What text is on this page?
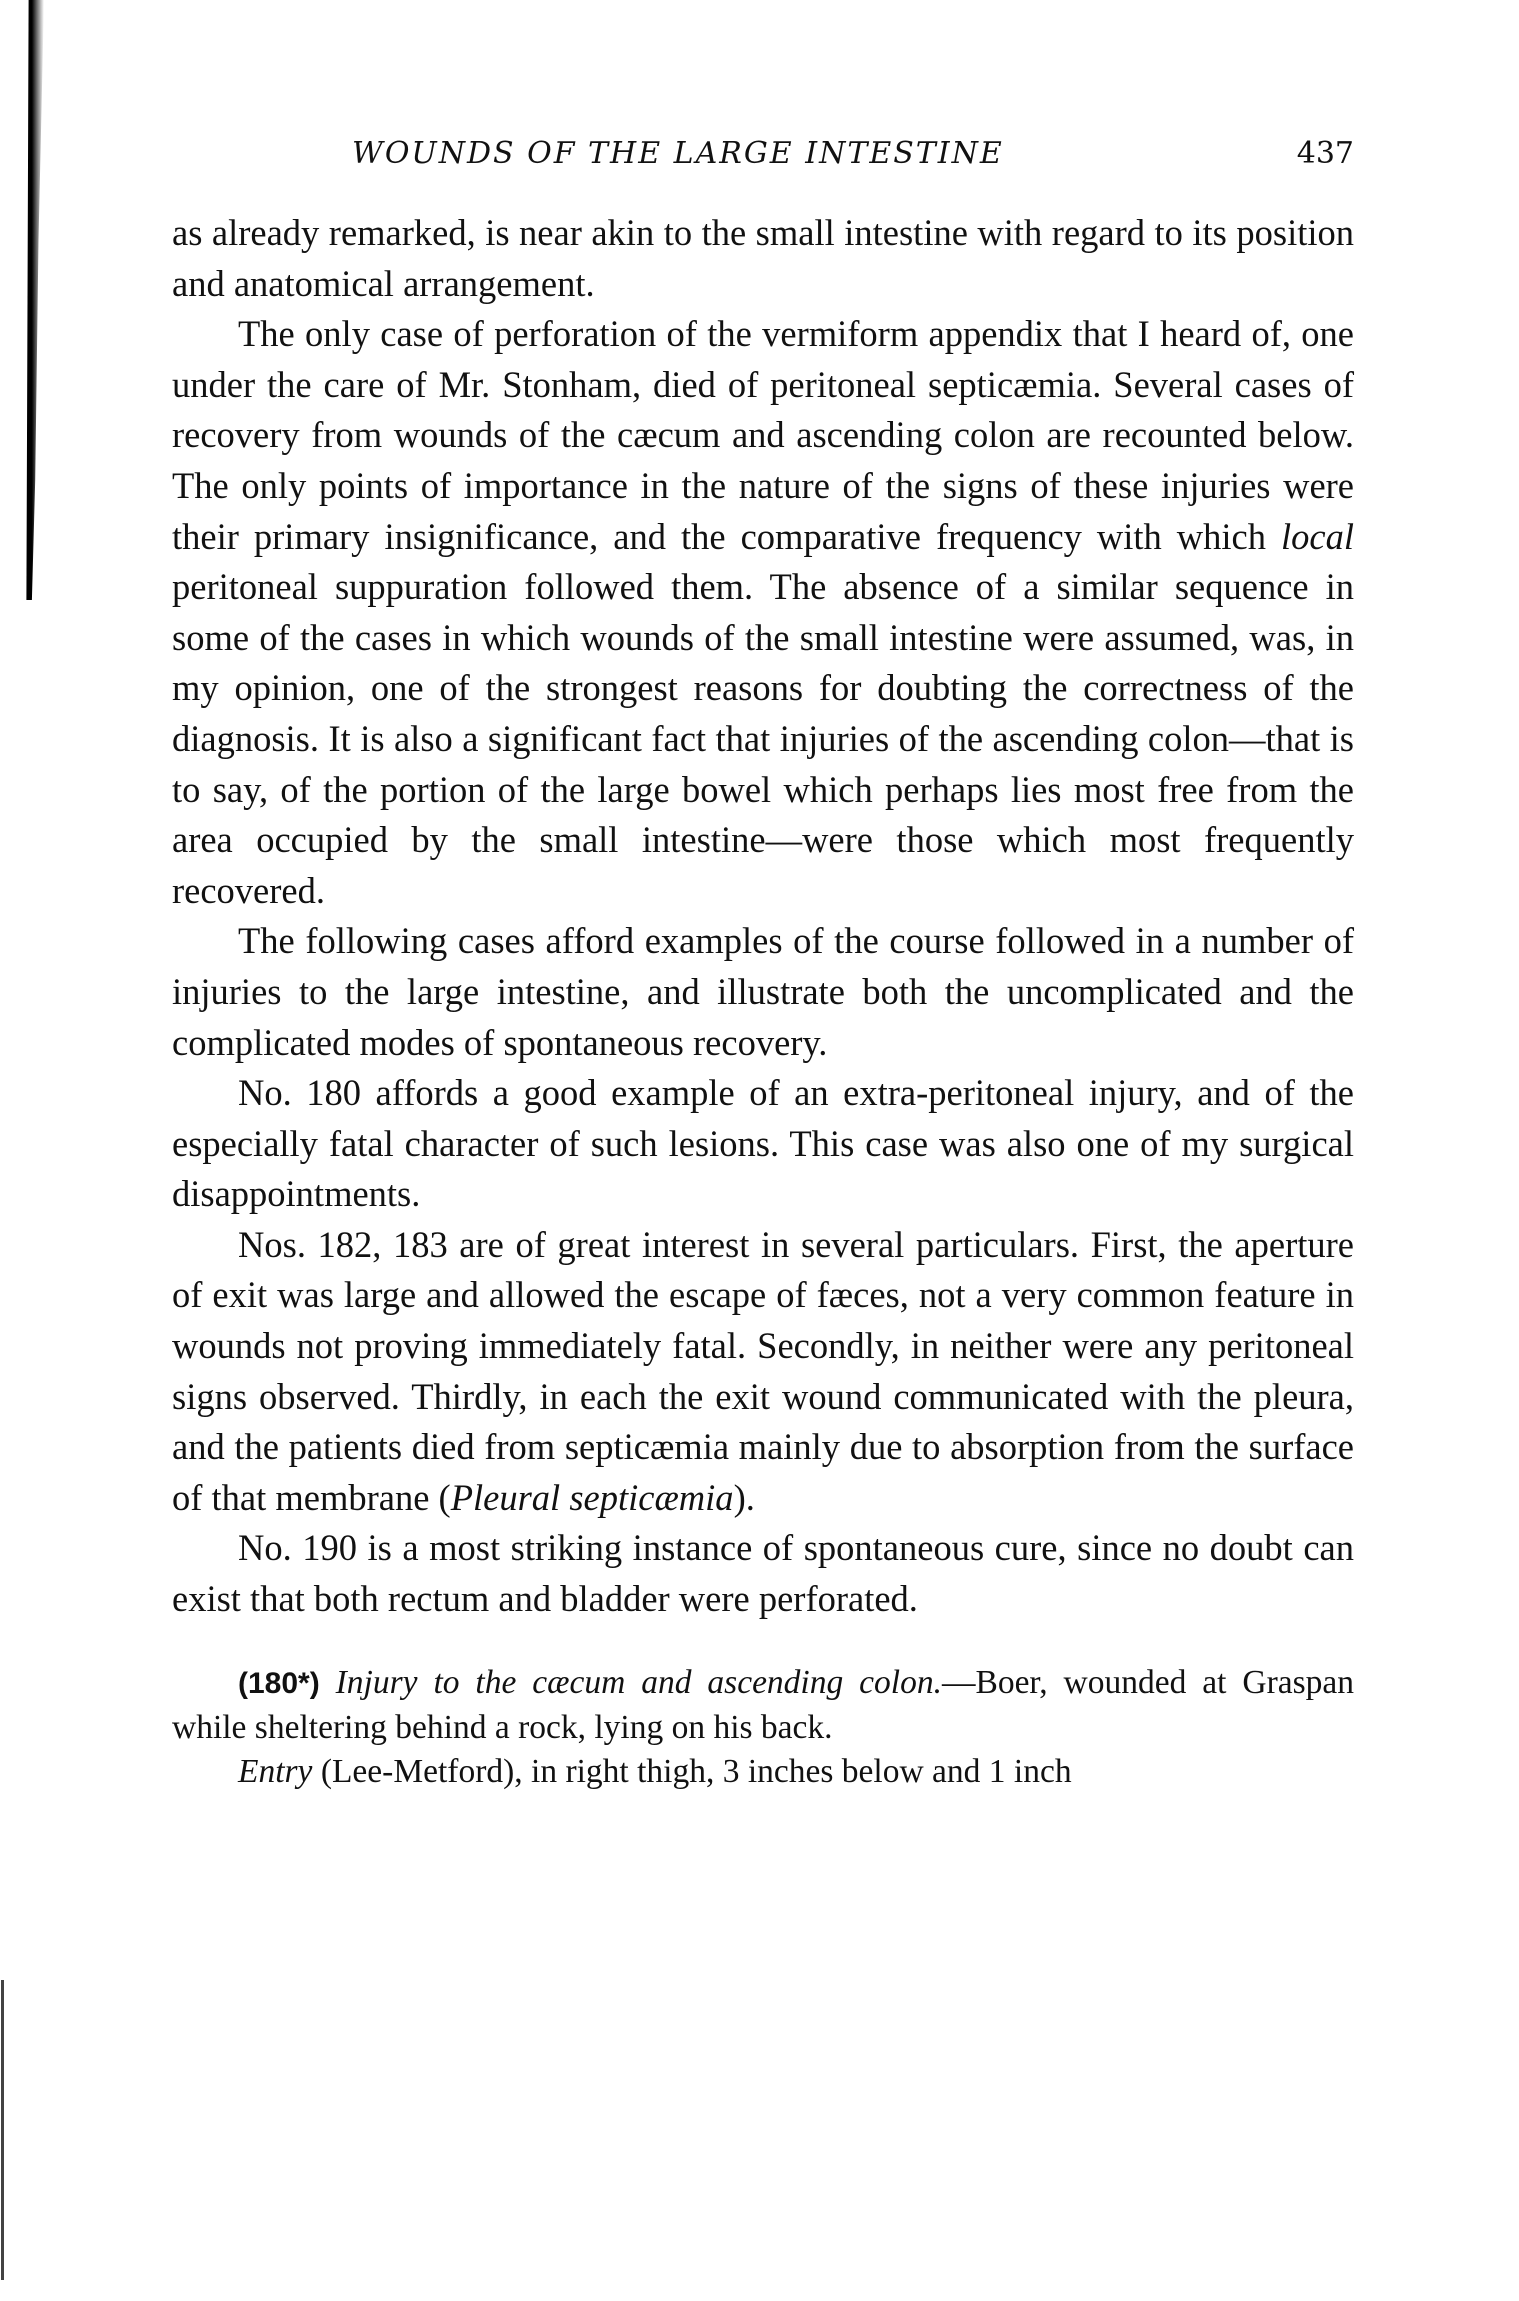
WOUNDS OF THE LARGE INTESTINE	437

as already remarked, is near akin to the small intestine with regard to its position and anatomical arrangement.

The only case of perforation of the vermiform appendix that I heard of, one under the care of Mr. Stonham, died of peritoneal septicæmia. Several cases of recovery from wounds of the cæcum and ascending colon are recounted below. The only points of importance in the nature of the signs of these injuries were their primary insignificance, and the comparative frequency with which local peritoneal suppuration followed them. The absence of a similar sequence in some of the cases in which wounds of the small intestine were assumed, was, in my opinion, one of the strongest reasons for doubting the correctness of the diagnosis. It is also a significant fact that injuries of the ascending colon—that is to say, of the portion of the large bowel which perhaps lies most free from the area occupied by the small intestine—were those which most frequently recovered.

The following cases afford examples of the course followed in a number of injuries to the large intestine, and illustrate both the uncomplicated and the complicated modes of spontaneous recovery.

No. 180 affords a good example of an extra-peritoneal injury, and of the especially fatal character of such lesions. This case was also one of my surgical disappointments.

Nos. 182, 183 are of great interest in several particulars. First, the aperture of exit was large and allowed the escape of fæces, not a very common feature in wounds not proving immediately fatal. Secondly, in neither were any peritoneal signs observed. Thirdly, in each the exit wound communicated with the pleura, and the patients died from septicæmia mainly due to absorption from the surface of that membrane (Pleural septicæmia).

No. 190 is a most striking instance of spontaneous cure, since no doubt can exist that both rectum and bladder were perforated.

(180*) Injury to the cæcum and ascending colon.—Boer, wounded at Graspan while sheltering behind a rock, lying on his back.

Entry (Lee-Metford), in right thigh, 3 inches below and 1 inch
